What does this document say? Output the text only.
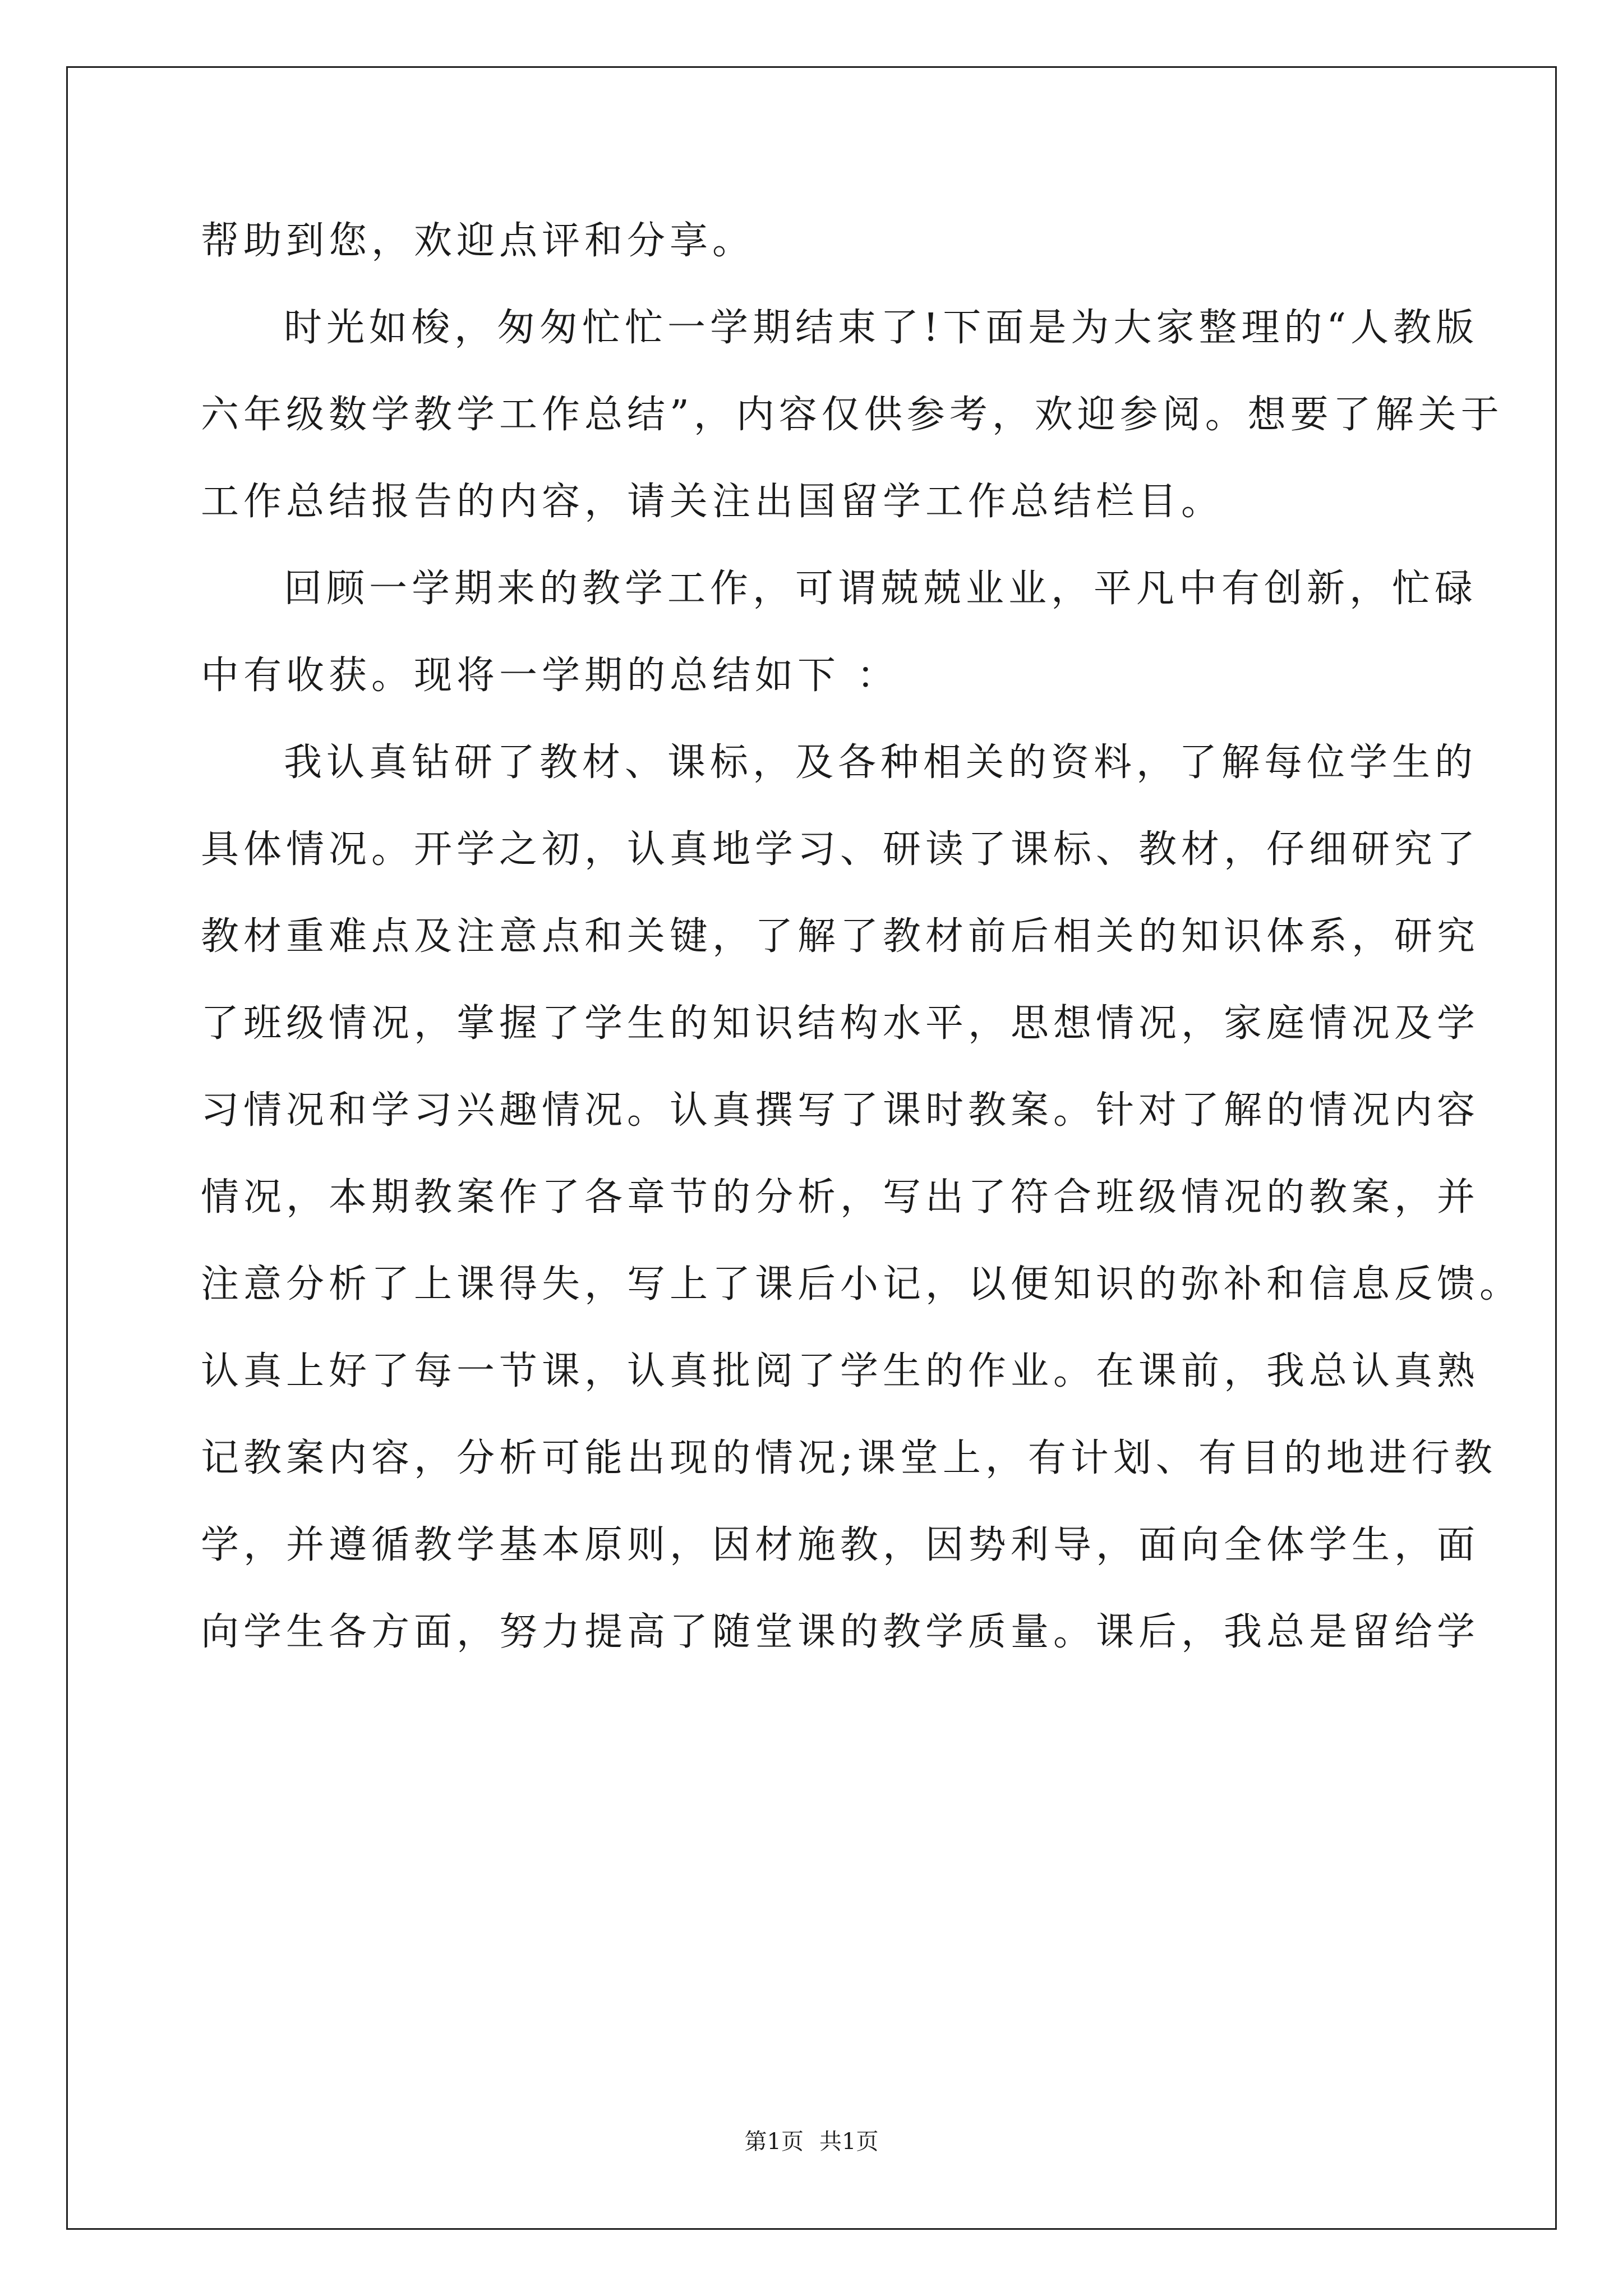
帮助到您，欢迎点评和分享。
时光如梭，匆匆忙忙一学期结束了!下面是为大家整理的“人教版
六年级数学教学工作总结”，内容仅供参考，欢迎参阅。想要了解关于
工作总结报告的内容，请关注出国留学工作总结栏目。
回顾一学期来的教学工作，可谓兢兢业业，平凡中有创新，忙碌
中有收获。现将一学期的总结如下 ：
我认真钻研了教材、课标，及各种相关的资料，了解每位学生的
具体情况。开学之初，认真地学习、研读了课标、教材，仔细研究了
教材重难点及注意点和关键，了解了教材前后相关的知识体系，研究
了班级情况，掌握了学生的知识结构水平，思想情况，家庭情况及学
习情况和学习兴趣情况。认真撰写了课时教案。针对了解的情况内容
情况，本期教案作了各章节的分析，写出了符合班级情况的教案，并
注意分析了上课得失，写上了课后小记，以便知识的弥补和信息反馈。
认真上好了每一节课，认真批阅了学生的作业。在课前，我总认真熟
记教案内容，分析可能出现的情况;课堂上，有计划、有目的地进行教
学，并遵循教学基本原则，因材施教，因势利导，面向全体学生，面
向学生各方面，努力提高了随堂课的教学质量。课后，我总是留给学
第1页 共1页
